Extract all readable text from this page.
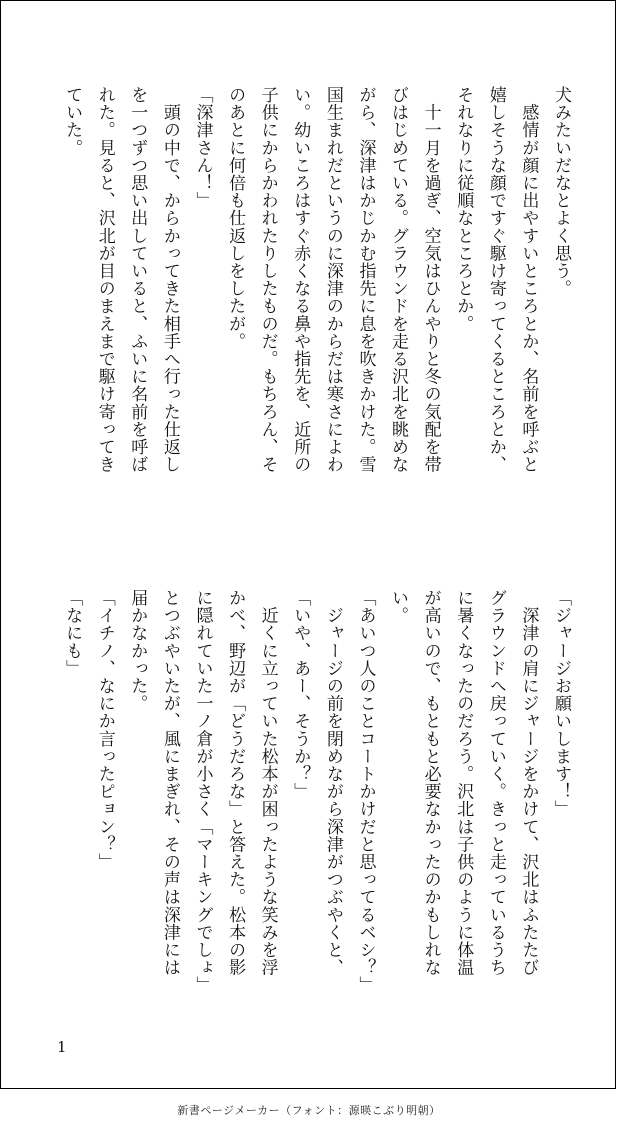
犬みたいだなとよく思う。
　感情が顔に出やすいところとか、名前を呼ぶと
嬉しそうな顔ですぐ駆け寄ってくるところとか、
それなりに従順なところとか。
　十一月を過ぎ、空気はひんやりと冬の気配を帯
びはじめている。グラウンドを走る沢北を眺めな
がら、深津はかじかむ指先に息を吹きかけた。雪
国生まれだというのに深津のからだは寒さによわ
い。幼いころはすぐ赤くなる鼻や指先を、近所の
子供にからかわれたりしたものだ。もちろん、そ
のあとに何倍も仕返しをしたが。
「深津さん！」
　頭の中で、からかってきた相手へ行った仕返し
を一つずつ思い出していると、ふいに名前を呼ば
れた。見ると、沢北が目のまえまで駆け寄ってき
ていた。
「ジャージお願いします！」
　深津の肩にジャージをかけて、沢北はふたたび
グラウンドへ戻っていく。きっと走っているうち
に暑くなったのだろう。沢北は子供のように体温
が高いので、もともと必要なかったのかもしれな
い。
「あいつ人のことコートかけだと思ってるベシ？」
　ジャージの前を閉めながら深津がつぶやくと、
「いや、あー、そうか？」
　近くに立っていた松本が困ったような笑みを浮
かべ、野辺が「どうだろな」と答えた。松本の影
に隠れていた一ノ倉が小さく「マーキングでしょ」
とつぶやいたが、風にまぎれ、その声は深津には
届かなかった。
「イチノ、なにか言ったピョン？」
「なにも」
1
新書ページメーカー（フォント：源暎こぶり明朝）
